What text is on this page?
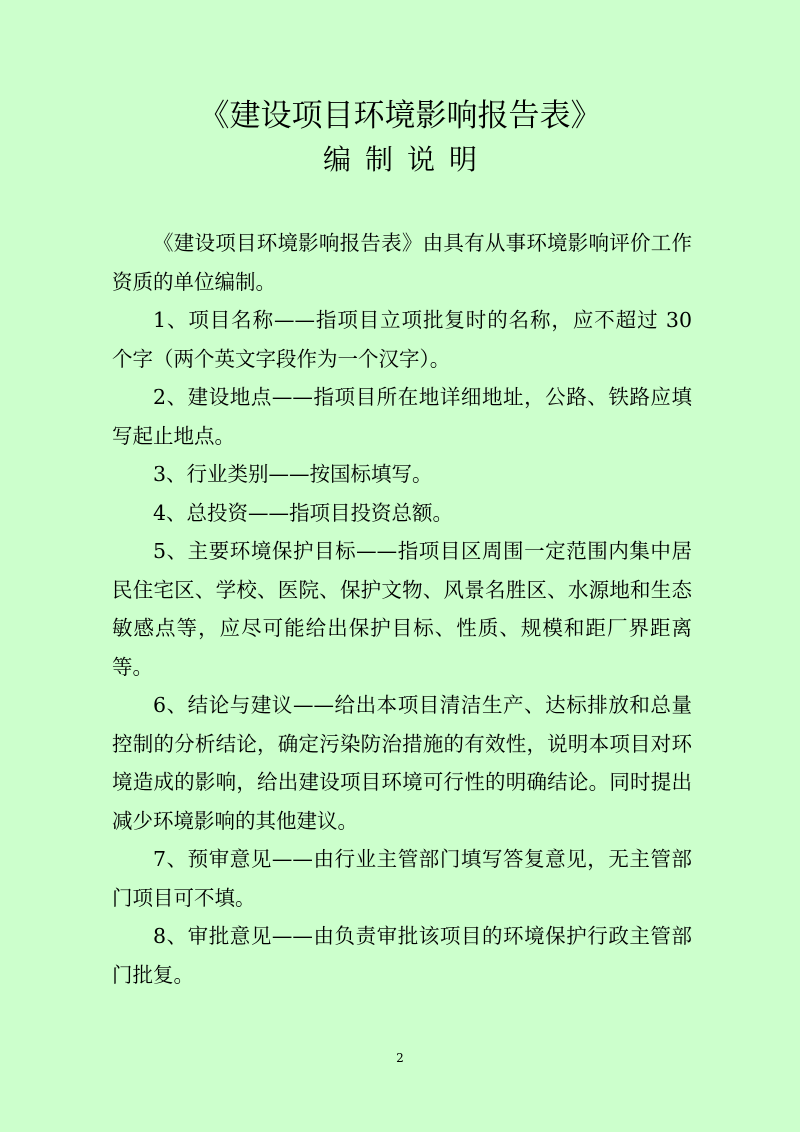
《建设项目环境影响报告表》
编制说明

《建设项目环境影响报告表》由具有从事环境影响评价工作资质的单位编制。

1、项目名称——指项目立项批复时的名称，应不超过 30 个字（两个英文字段作为一个汉字）。

2、建设地点——指项目所在地详细地址，公路、铁路应填写起止地点。

3、行业类别——按国标填写。

4、总投资——指项目投资总额。

5、主要环境保护目标——指项目区周围一定范围内集中居民住宅区、学校、医院、保护文物、风景名胜区、水源地和生态敏感点等，应尽可能给出保护目标、性质、规模和距厂界距离等。

6、结论与建议——给出本项目清洁生产、达标排放和总量控制的分析结论，确定污染防治措施的有效性，说明本项目对环境造成的影响，给出建设项目环境可行性的明确结论。同时提出减少环境影响的其他建议。

7、预审意见——由行业主管部门填写答复意见，无主管部门项目可不填。

8、审批意见——由负责审批该项目的环境保护行政主管部门批复。

2
